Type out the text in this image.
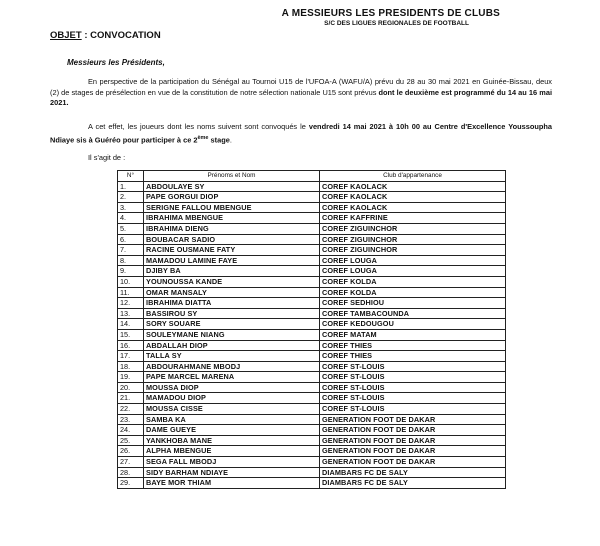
A MESSIEURS LES PRESIDENTS DE CLUBS
S/C DES LIGUES REGIONALES DE FOOTBALL
OBJET : CONVOCATION
Messieurs les Présidents,
En perspective de la participation du Sénégal au Tournoi U15 de l'UFOA-A (WAFU/A) prévu du 28 au 30 mai 2021 en Guinée-Bissau, deux (2) de stages de présélection en vue de la constitution de notre sélection nationale U15 sont prévus dont le deuxième est programmé du 14 au 16 mai 2021.
A cet effet, les joueurs dont les noms suivent sont convoqués le vendredi 14 mai 2021 à 10h 00 au Centre d'Excellence Youssoupha Ndiaye sis à Guéréo pour participer à ce 2ème stage.
Il s'agit de :
N°	Prénoms et Nom	Club d'appartenance
1.	ABDOULAYE SY	COREF KAOLACK
2.	PAPE GORGUI DIOP	COREF KAOLACK
3.	SERIGNE FALLOU MBENGUE	COREF KAOLACK
4.	IBRAHIMA MBENGUE	COREF KAFFRINE
5.	IBRAHIMA DIENG	COREF ZIGUINCHOR
6.	BOUBACAR SADIO	COREF ZIGUINCHOR
7.	RACINE OUSMANE FATY	COREF ZIGUINCHOR
8.	MAMADOU LAMINE FAYE	COREF LOUGA
9.	DJIBY BA	COREF LOUGA
10.	YOUNOUSSA KANDE	COREF KOLDA
11.	OMAR MANSALY	COREF KOLDA
12.	IBRAHIMA DIATTA	COREF SEDHIOU
13.	BASSIROU SY	COREF TAMBACOUNDA
14.	SORY SOUARE	COREF KEDOUGOU
15.	SOULEYMANE NIANG	COREF MATAM
16.	ABDALLAH DIOP	COREF THIES
17.	TALLA SY	COREF THIES
18.	ABDOURAHMANE MBODJ	COREF ST-LOUIS
19.	PAPE MARCEL MARENA	COREF ST-LOUIS
20.	MOUSSA DIOP	COREF ST-LOUIS
21.	MAMADOU DIOP	COREF ST-LOUIS
22.	MOUSSA CISSE	COREF ST-LOUIS
23.	SAMBA KA	GENERATION FOOT DE DAKAR
24.	DAME GUEYE	GENERATION FOOT DE DAKAR
25.	YANKHOBA MANE	GENERATION FOOT DE DAKAR
26.	ALPHA MBENGUE	GENERATION FOOT DE DAKAR
27.	SEGA FALL MBODJ	GENERATION FOOT DE DAKAR
28.	SIDY BARHAM NDIAYE	DIAMBARS FC DE SALY
29.	BAYE MOR THIAM	DIAMBARS FC DE SALY
